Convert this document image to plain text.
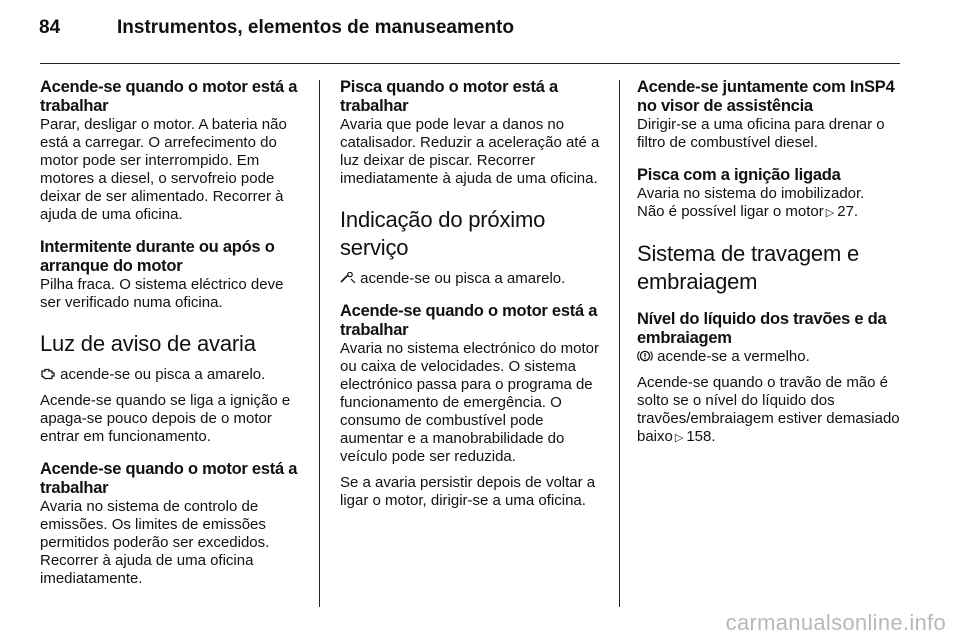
84	Instrumentos, elementos de manuseamento
Acende-se quando o motor está a trabalhar

Parar, desligar o motor. A bateria não está a carregar. O arrefecimento do motor pode ser interrompido. Em motores a diesel, o servofreio pode deixar de ser alimentado. Recorrer à ajuda de uma oficina.

Intermitente durante ou após o arranque do motor

Pilha fraca. O sistema eléctrico deve ser verificado numa oficina.

Luz de aviso de avaria

acende-se ou pisca a amarelo.

Acende-se quando se liga a ignição e apaga-se pouco depois de o motor entrar em funcionamento.

Acende-se quando o motor está a trabalhar

Avaria no sistema de controlo de emissões. Os limites de emissões permitidos poderão ser excedidos. Recorrer à ajuda de uma oficina imediatamente.

Pisca quando o motor está a trabalhar

Avaria que pode levar a danos no catalisador. Reduzir a aceleração até a luz deixar de piscar. Recorrer imediatamente à ajuda de uma oficina.

Indicação do próximo serviço

acende-se ou pisca a amarelo.

Acende-se quando o motor está a trabalhar

Avaria no sistema electrónico do motor ou caixa de velocidades. O sistema electrónico passa para o programa de funcionamento de emergência. O consumo de combustível pode aumentar e a manobrabilidade do veículo pode ser reduzida.

Se a avaria persistir depois de voltar a ligar o motor, dirigir-se a uma oficina.

Acende-se juntamente com InSP4 no visor de assistência

Dirigir-se a uma oficina para drenar o filtro de combustível diesel.

Pisca com a ignição ligada

Avaria no sistema do imobilizador.

Não é possível ligar o motor ▷ 27.

Sistema de travagem e embraiagem
Nível do líquido dos travões e da embraiagem

acende-se a vermelho.

Acende-se quando o travão de mão é solto se o nível do líquido dos travões/embraiagem estiver demasiado baixo ▷ 158.

carmanualsonline.info
